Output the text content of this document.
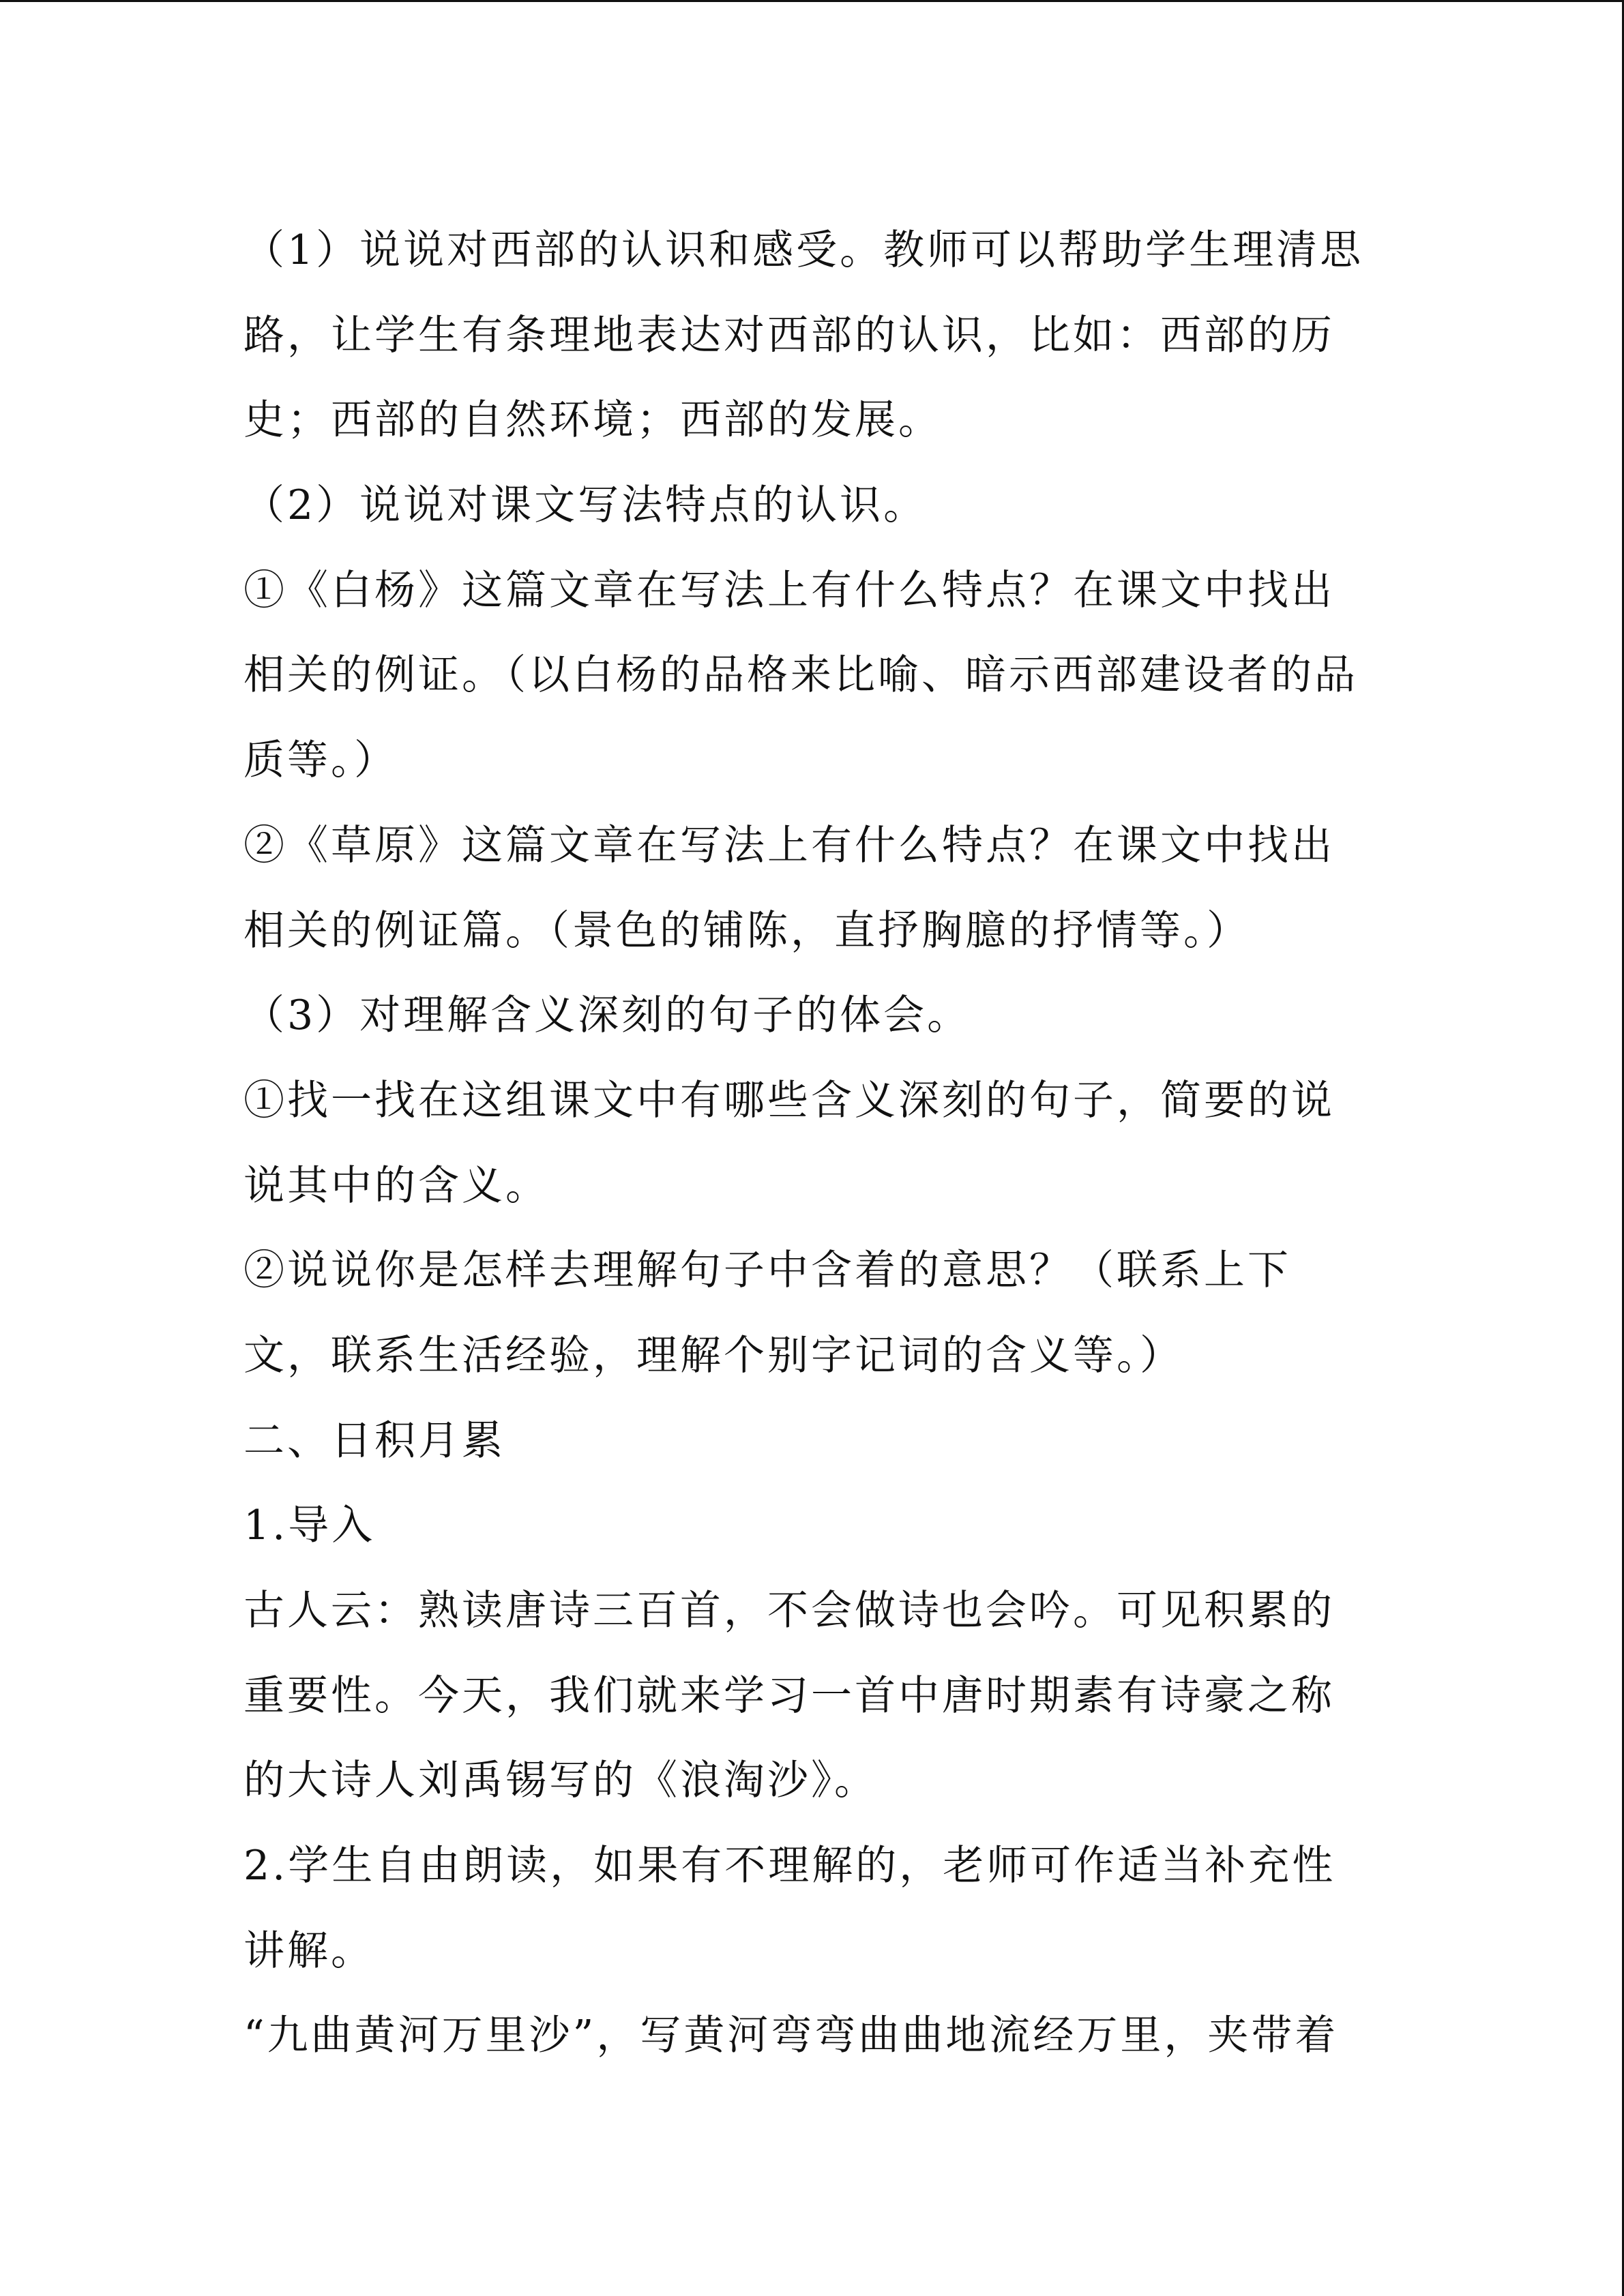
（1）说说对西部的认识和感受。教师可以帮助学生理清思
路，让学生有条理地表达对西部的认识，比如：西部的历
史；西部的自然环境；西部的发展。
（2）说说对课文写法特点的认识。
①《白杨》这篇文章在写法上有什么特点？在课文中找出
相关的例证。（以白杨的品格来比喻、暗示西部建设者的品
质等。）
②《草原》这篇文章在写法上有什么特点？在课文中找出
相关的例证篇。（景色的铺陈，直抒胸臆的抒情等。）
（3）对理解含义深刻的句子的体会。
①找一找在这组课文中有哪些含义深刻的句子，简要的说
说其中的含义。
②说说你是怎样去理解句子中含着的意思？（联系上下
文，联系生活经验，理解个别字记词的含义等。）
二、日积月累
1.导入
古人云：熟读唐诗三百首，不会做诗也会吟。可见积累的
重要性。今天，我们就来学习一首中唐时期素有诗豪之称
的大诗人刘禹锡写的《浪淘沙》。
2.学生自由朗读，如果有不理解的，老师可作适当补充性
讲解。
“九曲黄河万里沙”，写黄河弯弯曲曲地流经万里，夹带着
